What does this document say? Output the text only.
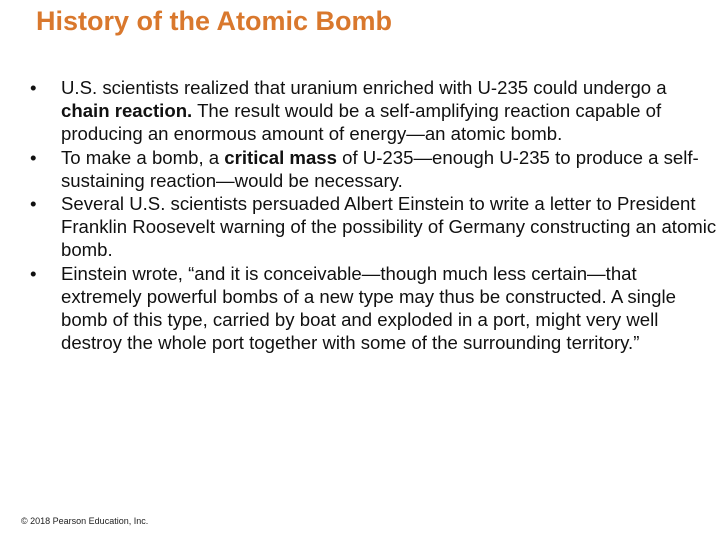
History of the Atomic Bomb
• U.S. scientists realized that uranium enriched with U-235 could undergo a chain reaction. The result would be a self-amplifying reaction capable of producing an enormous amount of energy—an atomic bomb.
• To make a bomb, a critical mass of U-235—enough U-235 to produce a self-sustaining reaction—would be necessary.
• Several U.S. scientists persuaded Albert Einstein to write a letter to President Franklin Roosevelt warning of the possibility of Germany constructing an atomic bomb.
• Einstein wrote, “and it is conceivable—though much less certain—that extremely powerful bombs of a new type may thus be constructed. A single bomb of this type, carried by boat and exploded in a port, might very well destroy the whole port together with some of the surrounding territory.”
© 2018 Pearson Education, Inc.
